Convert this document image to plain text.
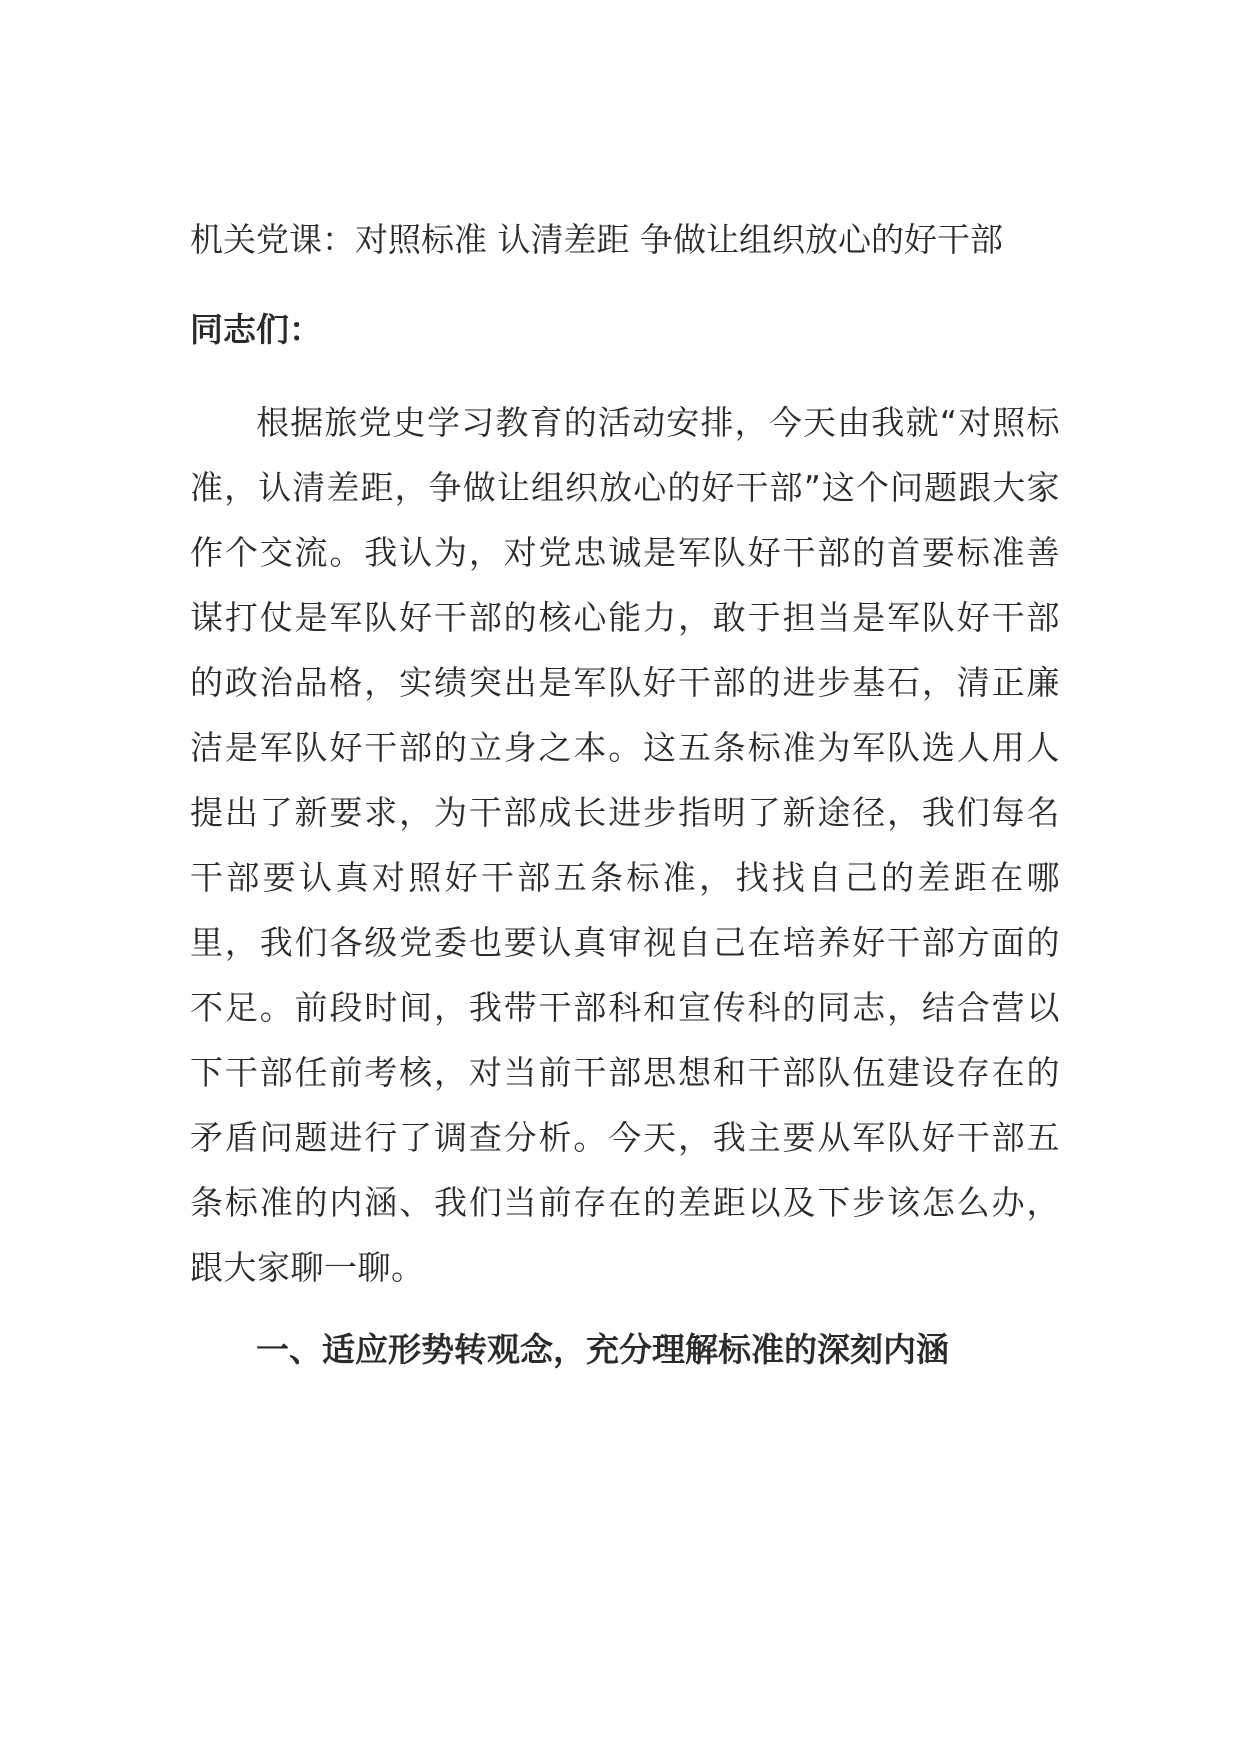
机关党课：对照标准 认清差距 争做让组织放心的好干部

同志们：

根据旅党史学习教育的活动安排，今天由我就“对照标准，认清差距，争做让组织放心的好干部”这个问题跟大家作个交流。我认为，对党忠诚是军队好干部的首要标准善谋打仗是军队好干部的核心能力，敢于担当是军队好干部的政治品格，实绩突出是军队好干部的进步基石，清正廉洁是军队好干部的立身之本。这五条标准为军队选人用人提出了新要求，为干部成长进步指明了新途径，我们每名干部要认真对照好干部五条标准，找找自己的差距在哪里，我们各级党委也要认真审视自己在培养好干部方面的不足。前段时间，我带干部科和宣传科的同志，结合营以下干部任前考核，对当前干部思想和干部队伍建设存在的矛盾问题进行了调查分析。今天，我主要从军队好干部五条标准的内涵、我们当前存在的差距以及下步该怎么办，跟大家聊一聊。

一、适应形势转观念，充分理解标准的深刻内涵
